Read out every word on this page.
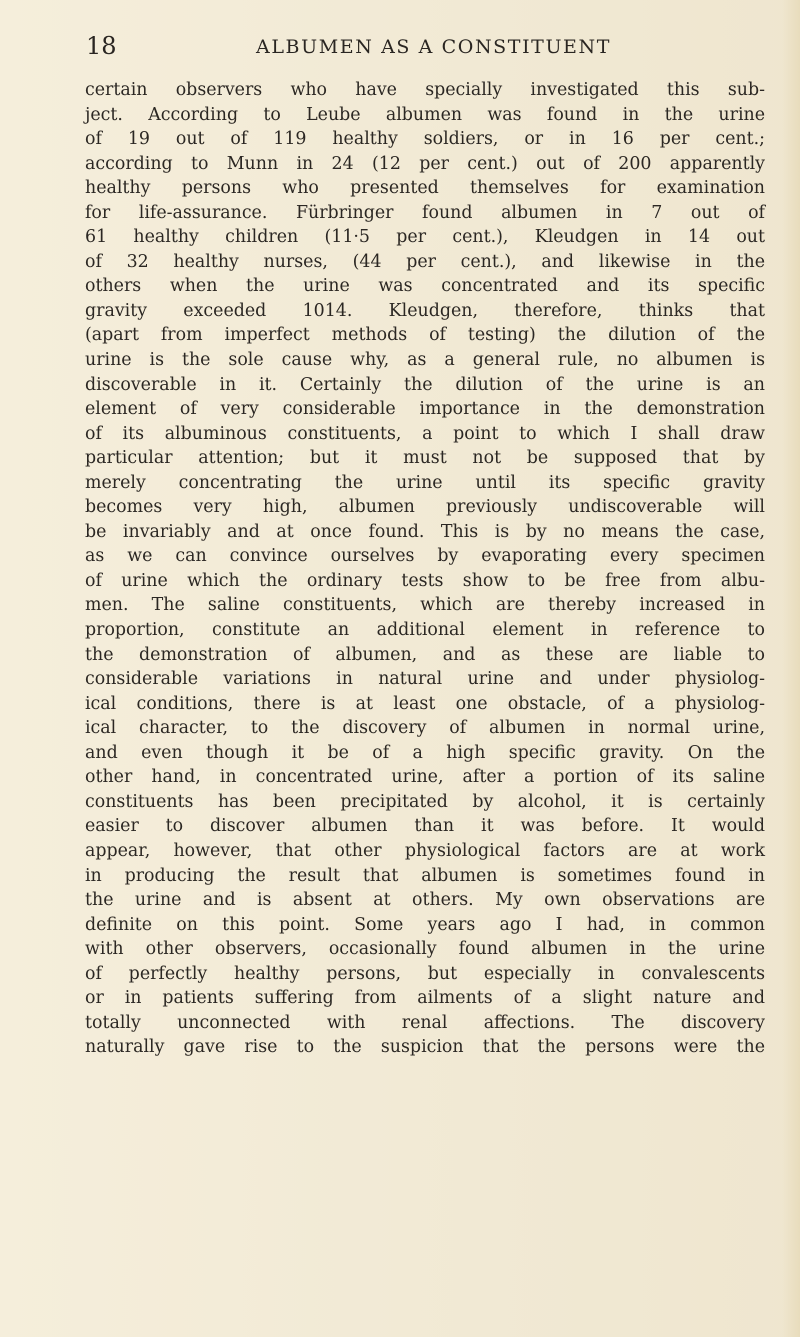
18	ALBUMEN AS A CONSTITUENT
certain observers who have specially investigated this sub-
ject. According to Leube albumen was found in the urine
of 19 out of 119 healthy soldiers, or in 16 per cent.;
according to Munn in 24 (12 per cent.) out of 200 apparently
healthy persons who presented themselves for examination
for life-assurance. Fürbringer found albumen in 7 out of
61 healthy children (11·5 per cent.), Kleudgen in 14 out
of 32 healthy nurses, (44 per cent.), and likewise in the
others when the urine was concentrated and its specific
gravity exceeded 1014. Kleudgen, therefore, thinks that
(apart from imperfect methods of testing) the dilution of the
urine is the sole cause why, as a general rule, no albumen is
discoverable in it. Certainly the dilution of the urine is an
element of very considerable importance in the demonstration
of its albuminous constituents, a point to which I shall draw
particular attention; but it must not be supposed that by
merely concentrating the urine until its specific gravity
becomes very high, albumen previously undiscoverable will
be invariably and at once found. This is by no means the case,
as we can convince ourselves by evaporating every specimen
of urine which the ordinary tests show to be free from albu-
men. The saline constituents, which are thereby increased in
proportion, constitute an additional element in reference to
the demonstration of albumen, and as these are liable to
considerable variations in natural urine and under physiolog-
ical conditions, there is at least one obstacle, of a physiolog-
ical character, to the discovery of albumen in normal urine,
and even though it be of a high specific gravity. On the
other hand, in concentrated urine, after a portion of its saline
constituents has been precipitated by alcohol, it is certainly
easier to discover albumen than it was before. It would
appear, however, that other physiological factors are at work
in producing the result that albumen is sometimes found in
the urine and is absent at others. My own observations are
definite on this point. Some years ago I had, in common
with other observers, occasionally found albumen in the urine
of perfectly healthy persons, but especially in convalescents
or in patients suffering from ailments of a slight nature and
totally unconnected with renal affections. The discovery
naturally gave rise to the suspicion that the persons were the
